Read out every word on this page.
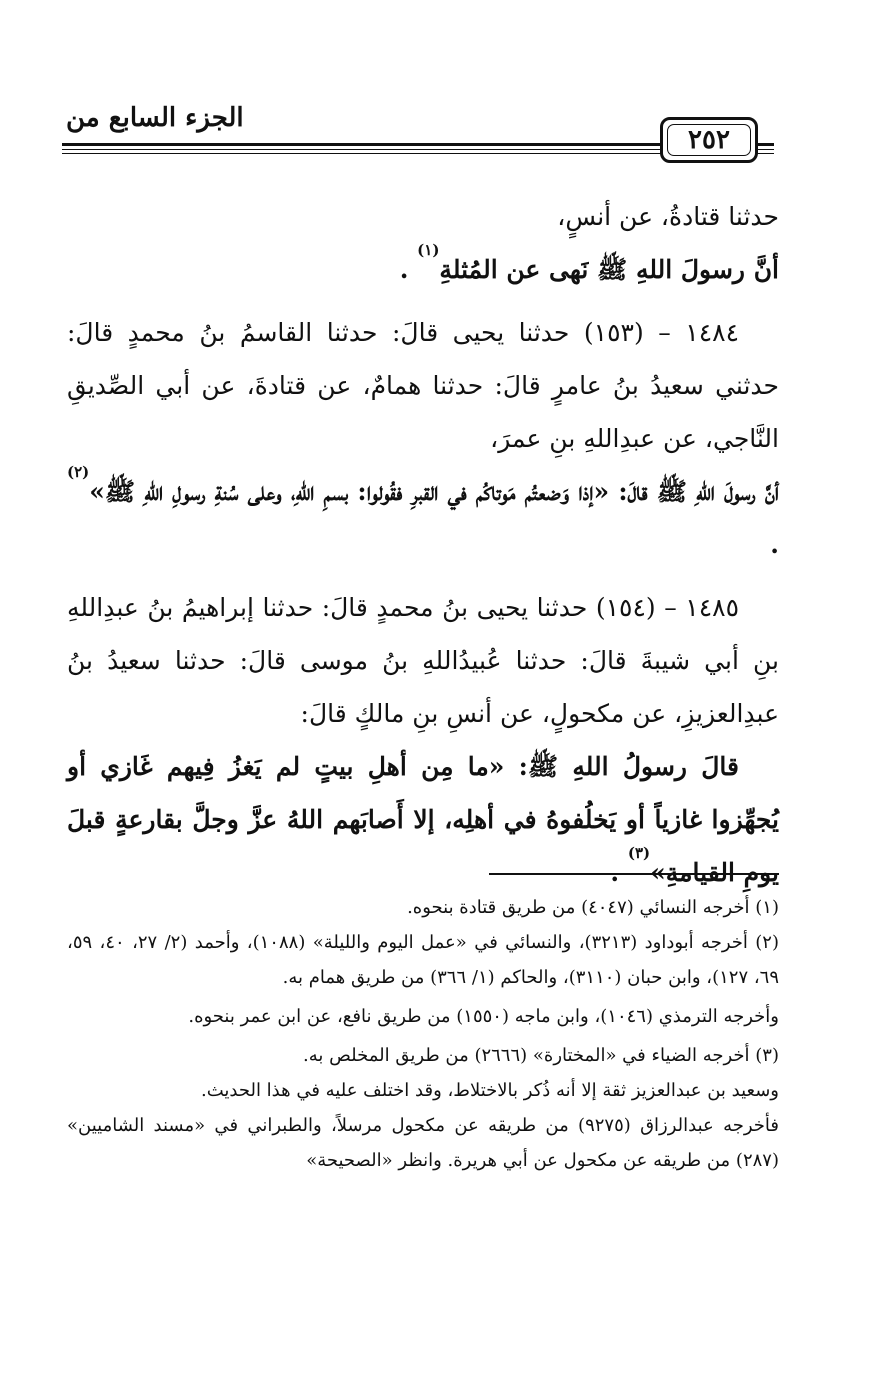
الجزء السابع من
٢٥٢

حدثنا قتادةُ، عن أنسٍ،

أنَّ رسولَ اللهِ ﷺ نَهى عن المُثلةِ$^{(١)}$ .

١٤٨٤ – (١٥٣) حدثنا يحيى قالَ: حدثنا القاسمُ بنُ محمدٍ قالَ: حدثني سعيدُ بنُ عامرٍ قالَ: حدثنا همامٌ، عن قتادةَ، عن أبي الصِّديقِ النَّاجي، عن عبدِاللهِ بنِ عمرَ،

أنَّ رسولَ اللهِ ﷺ قالَ: «إذا وَضعتُم مَوتاكُم في القبرِ فقُولوا: بسمِ اللهِ، وعلى سُنةِ رسولِ اللهِ ﷺ»$^{(٢)}$ .

١٤٨٥ – (١٥٤) حدثنا يحيى بنُ محمدٍ قالَ: حدثنا إبراهيمُ بنُ عبدِاللهِ بنِ أبي شيبةَ قالَ: حدثنا عُبيدُاللهِ بنُ موسى قالَ: حدثنا سعيدُ بنُ عبدِالعزيزِ، عن مكحولٍ، عن أنسِ بنِ مالكٍ قالَ:

قالَ رسولُ اللهِ ﷺ: «ما مِن أهلِ بيتٍ لم يَغزُ فِيهم غَازي أو يُجهِّزوا غازياً أو يَخلُفوهُ في أهلِه، إلا أَصابَهم اللهُ عزَّ وجلَّ بقارعةٍ قبلَ يومِ القيامةِ»$^{(٣)}$ .

(١) أخرجه النسائي (٤٠٤٧) من طريق قتادة بنحوه.

(٢) أخرجه أبوداود (٣٢١٣)، والنسائي في «عمل اليوم والليلة» (١٠٨٨)، وأحمد (٢/ ٢٧، ٤٠، ٥٩، ٦٩، ١٢٧)، وابن حبان (٣١١٠)، والحاكم (١/ ٣٦٦) من طريق همام به.

وأخرجه الترمذي (١٠٤٦)، وابن ماجه (١٥٥٠) من طريق نافع، عن ابن عمر بنحوه.

(٣) أخرجه الضياء في «المختارة» (٢٦٦٦) من طريق المخلص به.

وسعيد بن عبدالعزيز ثقة إلا أنه ذُكر بالاختلاط، وقد اختلف عليه في هذا الحديث.

فأخرجه عبدالرزاق (٩٢٧٥) من طريقه عن مكحول مرسلاً، والطبراني في «مسند الشاميين» (٢٨٧) من طريقه عن مكحول عن أبي هريرة. وانظر «الصحيحة»
